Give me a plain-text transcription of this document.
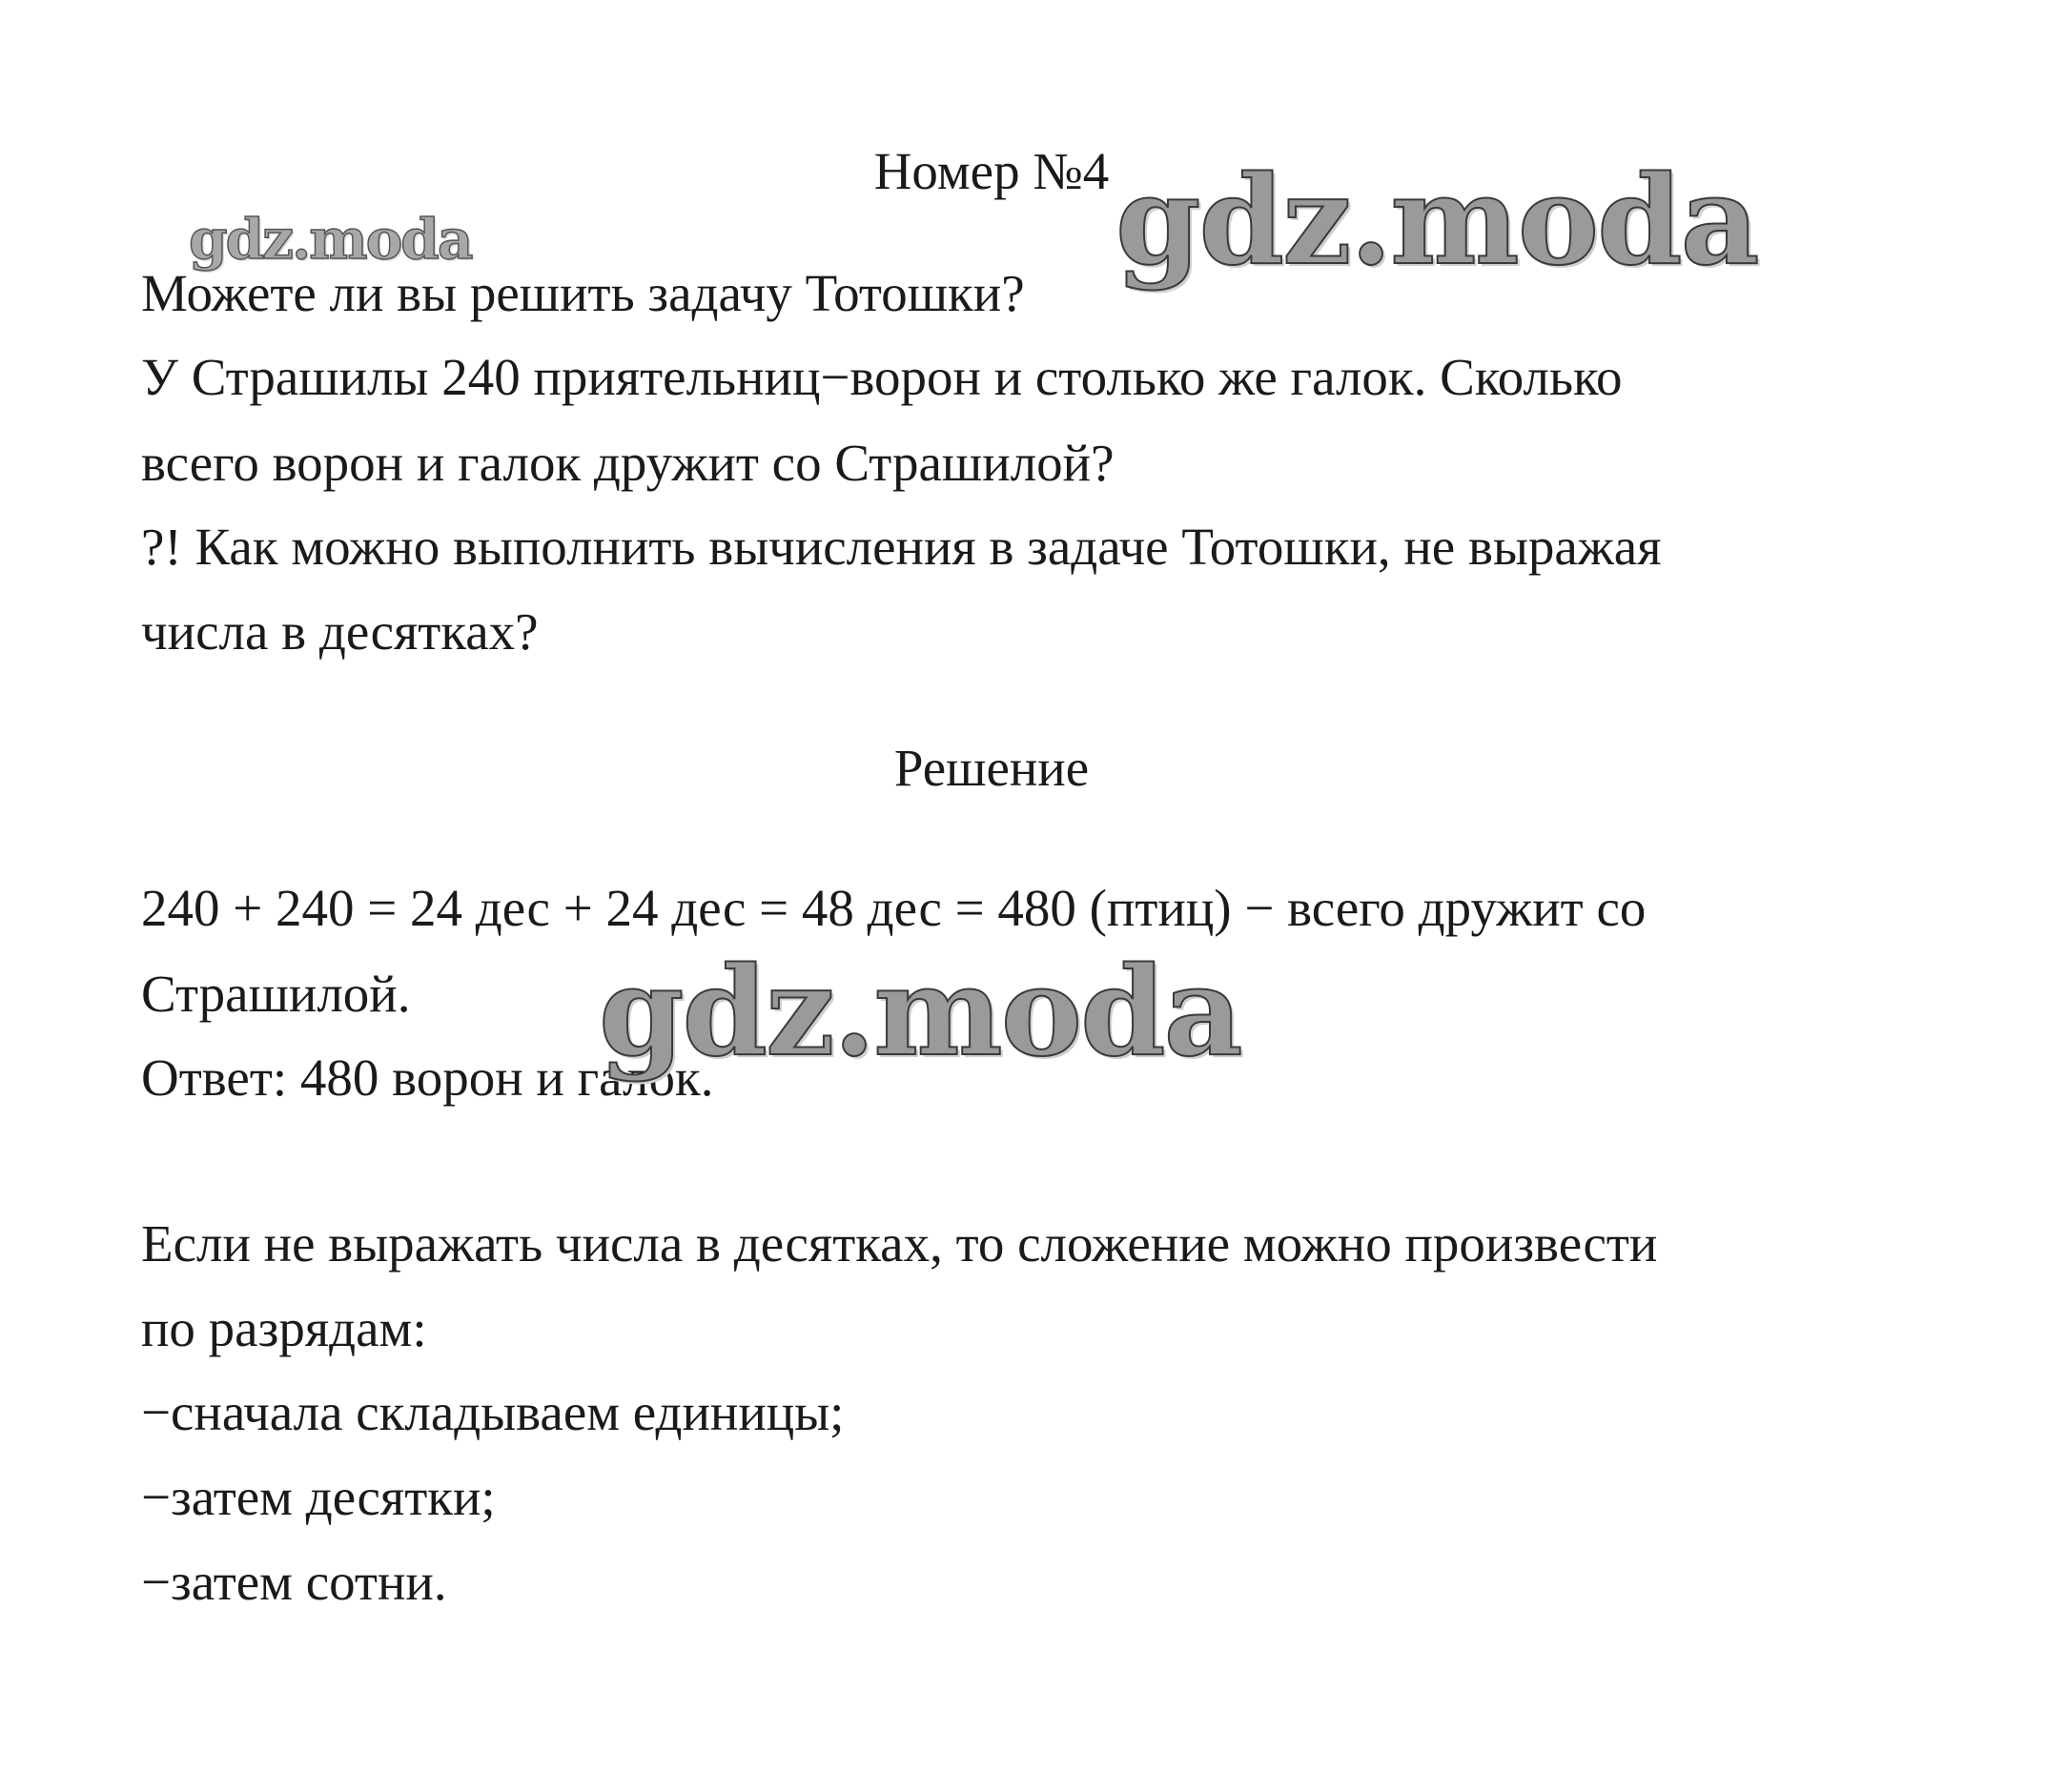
Номер №4
gdz.moda	gdz.moda
Можете ли вы решить задачу Тотошки?
У Страшилы 240 приятельниц−ворон и столько же галок. Сколько
всего ворон и галок дружит со Страшилой?
?! Как можно выполнить вычисления в задаче Тотошки, не выражая
числа в десятках?
Решение
240 + 240 = 24 дес + 24 дес = 48 дес = 480 (птиц) − всего дружит со
Страшилой.
Ответ: 480 ворон и галок.
gdz.moda
Если не выражать числа в десятках, то сложение можно произвести
по разрядам:
−сначала складываем единицы;
−затем десятки;
−затем сотни.
